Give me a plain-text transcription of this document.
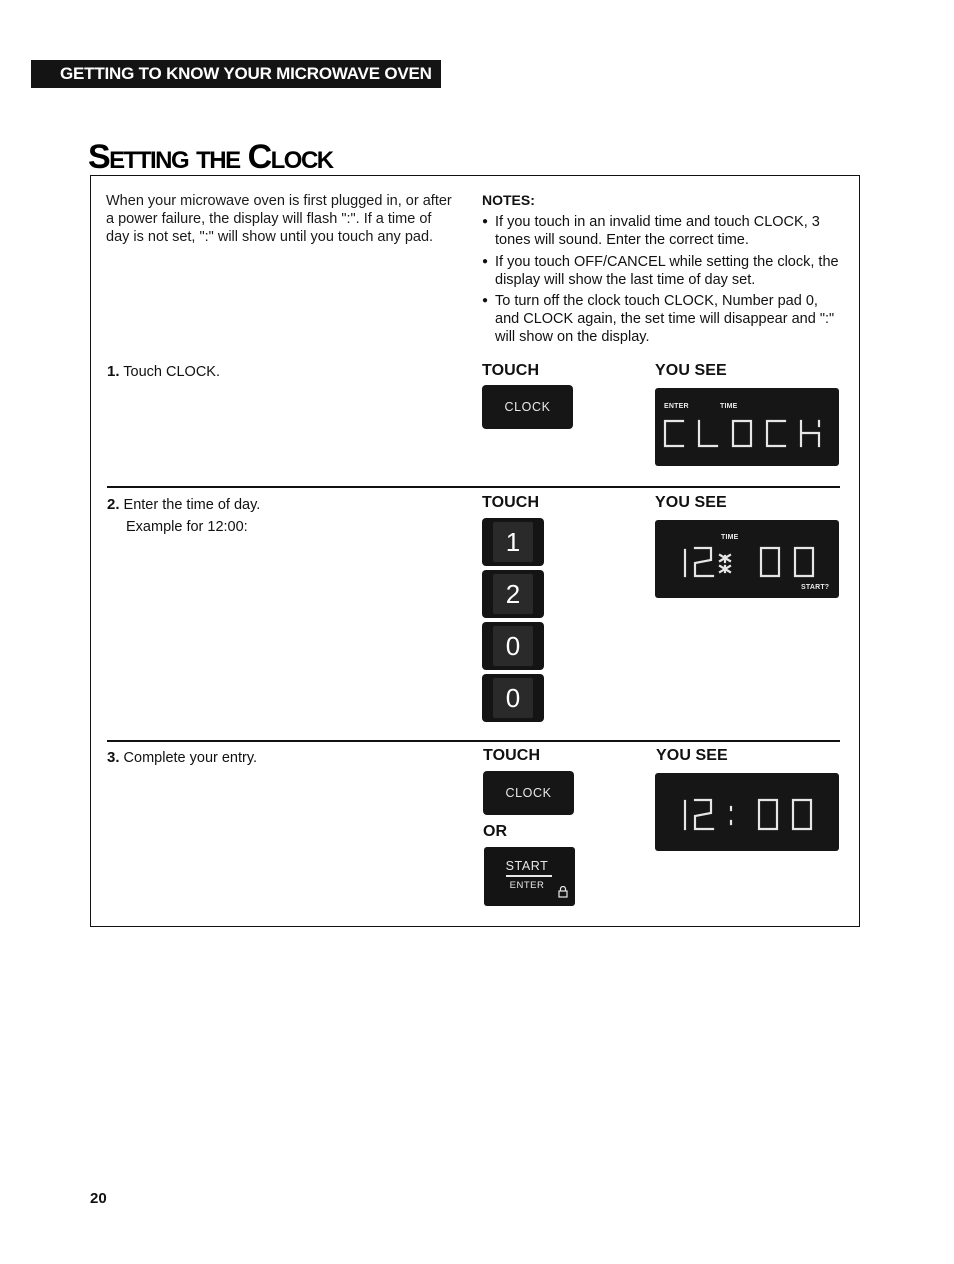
GETTING TO KNOW YOUR MICROWAVE OVEN
Setting the Clock
When your microwave oven is first plugged in, or after a power failure, the display will flash ":". If a time of day is not set, ":" will show until you touch any pad.
NOTES:
● If you touch in an invalid time and touch CLOCK, 3 tones will sound. Enter the correct time.
● If you touch OFF/CANCEL while setting the clock, the display will show the last time of day set.
● To turn off the clock touch CLOCK, Number pad 0, and CLOCK again, the set time will disappear and ":" will show on the display.
1. Touch CLOCK.	TOUCH	YOU SEE
CLOCK	ENTER	TIME
2. Enter the time of day.
Example for 12:00:
TOUCH	YOU SEE
1
2
0
0
TIME
START?
3. Complete your entry.	TOUCH	YOU SEE
CLOCK
OR
START
ENTER
20
